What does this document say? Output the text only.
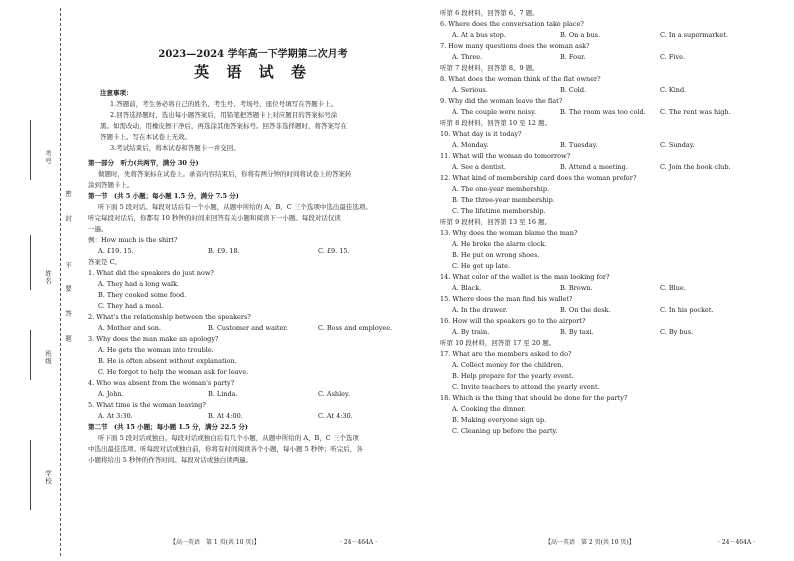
考号
密
封
不
要
答
题
姓名
班级
学校
2023—2024 学年高一下学期第二次月考
英 语 试 卷

注意事项：

1.答题前，考生务必将自己的姓名、考生号、考场号、座位号填写在答题卡上。

2.回答选择题时，选出每小题答案后，用铅笔把答题卡上对应题目的答案标号涂

黑。如需改动，用橡皮擦干净后，再选涂其他答案标号。回答非选择题时，将答案写在

答题卡上。写在本试卷上无效。

3.考试结束后，将本试卷和答题卡一并交回。

第一部分　听力(共两节，满分 30 分)

做题时，先将答案标在试卷上。录音内容结束后，你将有两分钟的时间将试卷上的答案转

涂到答题卡上。

第一节　(共 5 小题；每小题 1.5 分，满分 7.5 分)

听下面 5 段对话。每段对话后有一个小题，从题中所给的 A、B、C 三个选项中选出最佳选项。

听完每段对话后，你都有 10 秒钟的时间来回答有关小题和阅读下一小题。每段对话仅读

一遍。

例：How much is the shirt?

A. £19. 15.	B. £9. 18.	C. £9. 15.

答案是 C。

1. What did the speakers do just now?

A. They had a long walk.

B. They cooked some food.

C. They had a meal.

2. What's the relationship between the speakers?

A. Mother and son.	B. Customer and waiter.	C. Boss and employee.

3. Why does the man make an apology?

A. He gets the woman into trouble.

B. He is often absent without explanation.

C. He forgot to help the woman ask for leave.

4. Who was absent from the woman's party?

A. John.	B. Linda.	C. Ashley.

5. What time is the woman leaving?

A. At 3:30.	B. At 4:00.	C. At 4:30.

第二节　(共 15 小题；每小题 1.5 分，满分 22.5 分)

听下面 5 段对话或独白。每段对话或独白后有几个小题，从题中所给的 A、B、C 三个选项

中选出最佳选项。听每段对话或独白前，你将有时间阅读各个小题，每小题 5 秒钟；听完后，各

小题将给出 5 秒钟的作答时间。每段对话或独白读两遍。

【高一英语　第 1 页(共 10 页)】	· 24－464A ·

听第 6 段材料，回答第 6、7 题。

6. Where does the conversation take place?

A. At a bus stop.	B. On a bus.	C. In a supermarket.

7. How many questions does the woman ask?

A. Three.	B. Four.	C. Five.

听第 7 段材料，回答第 8、9 题。

8. What does the woman think of the flat owner?

A. Serious.	B. Cold.	C. Kind.

9. Why did the woman leave the flat?

A. The couple were noisy.	B. The room was too cold. C. The rent was high.

听第 8 段材料，回答第 10 至 12 题。

10. What day is it today?

A. Monday.	B. Tuesday.	C. Sunday.

11. What will the woman do tomorrow?

A. See a dentist.	B. Attend a meeting.	C. Join the book club.

12. What kind of membership card does the woman prefer?

A. The one-year membership.

B. The three-year membership.

C. The lifetime membership.

听第 9 段材料，回答第 13 至 16 题。

13. Why does the woman blame the man?

A. He broke the alarm clock.

B. He put on wrong shoes.

C. He got up late.

14. What color of the wallet is the man looking for?

A. Black.	B. Brown.	C. Blue.

15. Where does the man find his wallet?

A. In the drawer.	B. On the desk.	C. In his pocket.

16. How will the speakers go to the airport?

A. By train.	B. By taxi.	C. By bus.

听第 10 段材料，回答第 17 至 20 题。

17. What are the members asked to do?

A. Collect money for the children.

B. Help prepare for the yearly event.

C. Invite teachers to attend the yearly event.

18. Which is the thing that should be done for the party?

A. Cooking the dinner.

B. Making everyone sign up.

C. Cleaning up before the party.

【高一英语　第 2 页(共 10 页)】	· 24－464A ·
